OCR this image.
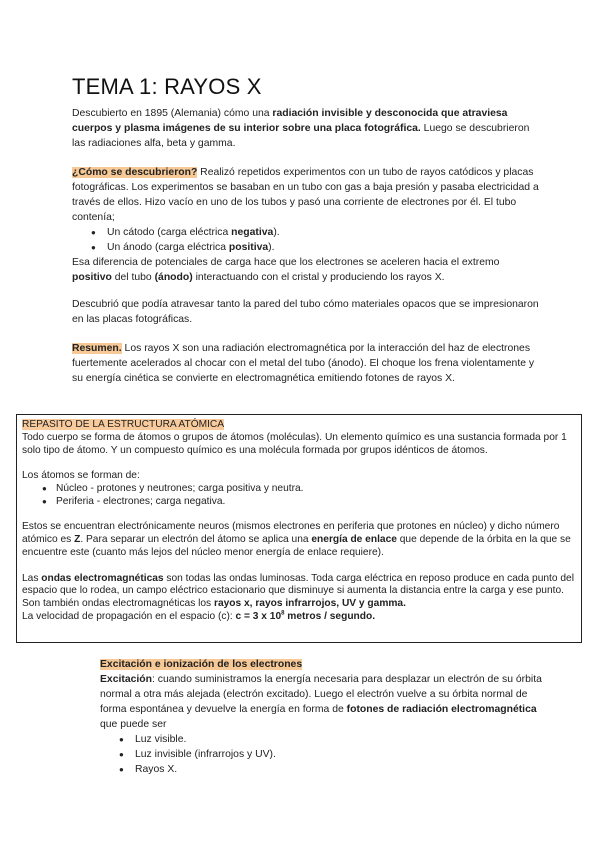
TEMA 1: RAYOS X
Descubierto en 1895 (Alemania) cómo una radiación invisible y desconocida que atraviesa cuerpos y plasma imágenes de su interior sobre una placa fotográfica. Luego se descubrieron las radiaciones alfa, beta y gamma.
¿Cómo se descubrieron? Realizó repetidos experimentos con un tubo de rayos catódicos y placas fotográficas. Los experimentos se basaban en un tubo con gas a baja presión y pasaba electricidad a través de ellos. Hizo vacío en uno de los tubos y pasó una corriente de electrones por él. El tubo contenía;
● Un cátodo (carga eléctrica negativa).
● Un ánodo (carga eléctrica positiva).
Esa diferencia de potenciales de carga hace que los electrones se aceleren hacia el extremo positivo del tubo (ánodo) interactuando con el cristal y produciendo los rayos X.
Descubrió que podía atravesar tanto la pared del tubo cómo materiales opacos que se impresionaron en las placas fotográficas.
Resumen. Los rayos X son una radiación electromagnética por la interacción del haz de electrones fuertemente acelerados al chocar con el metal del tubo (ánodo). El choque los frena violentamente y su energía cinética se convierte en electromagnética emitiendo fotones de rayos X.
REPASITO DE LA ESTRUCTURA ATÓMICA
Todo cuerpo se forma de átomos o grupos de átomos (moléculas). Un elemento químico es una sustancia formada por 1 solo tipo de átomo. Y un compuesto químico es una molécula formada por grupos idénticos de átomos.
Los átomos se forman de:
● Núcleo - protones y neutrones; carga positiva y neutra.
● Periferia - electrones; carga negativa.
Estos se encuentran electrónicamente neuros (mismos electrones en periferia que protones en núcleo) y dicho número atómico es Z. Para separar un electrón del átomo se aplica una energía de enlace que depende de la órbita en la que se encuentre este (cuanto más lejos del núcleo menor energía de enlace requiere).
Las ondas electromagnéticas son todas las ondas luminosas. Toda carga eléctrica en reposo produce en cada punto del espacio que lo rodea, un campo eléctrico estacionario que disminuye si aumenta la distancia entre la carga y ese punto. Son también ondas electromagnéticas los rayos x, rayos infrarrojos, UV y gamma.
La velocidad de propagación en el espacio (c): c = 3 x $10^8$ metros / segundo.
Excitación e ionización de los electrones
Excitación: cuando suministramos la energía necesaria para desplazar un electrón de su órbita normal a otra más alejada (electrón excitado). Luego el electrón vuelve a su órbita normal de forma espontánea y devuelve la energía en forma de fotones de radiación electromagnética que puede ser
● Luz visible.
● Luz invisible (infrarrojos y UV).
● Rayos X.
